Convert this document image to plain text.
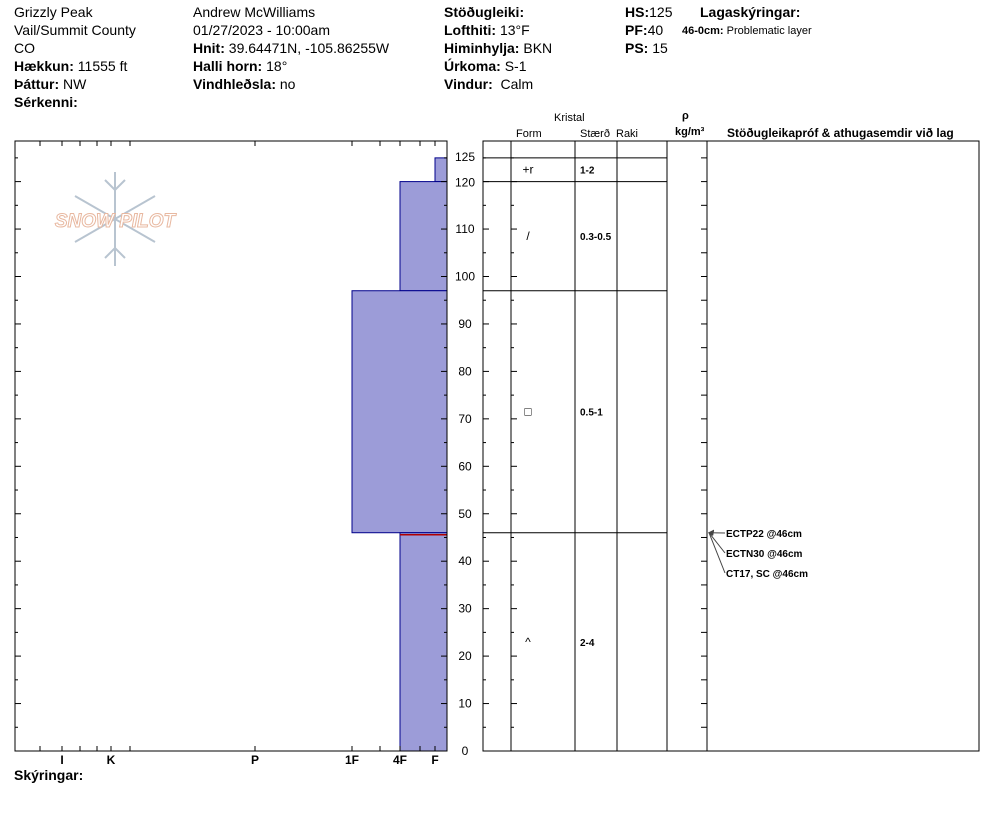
Grizzly Peak
Vail/Summit County
CO
Hækkun: 11555 ft
Þáttur: NW
Sérkenni:
Andrew McWilliams
01/27/2023 - 10:00am
Hnit: 39.64471N, -105.86255W
Halli horn: 18°
Vindhleðsla: no
Stöðugleiki:
Lofthiti: 13°F
Himinhylja: BKN
Úrkoma: S-1
Vindur: Calm
HS:125
PF:40
PS: 15
Lagaskýringar:
46-0cm: Problematic layer
Kristal
Form	Stærð Raki
ρ
kg/m³ Stöðugleikapróf & athugasemdir við lag
SNOW PILOT
I	K	P	1F	4F F
0
10
20
30
40
50
60
70
80
90
100
110
120
125
+r	1-2
/	0.3-0.5
□	0.5-1
^	2-4
ECTP22 @46cm
ECTN30 @46cm
CT17, SC @46cm
Skýringar:
